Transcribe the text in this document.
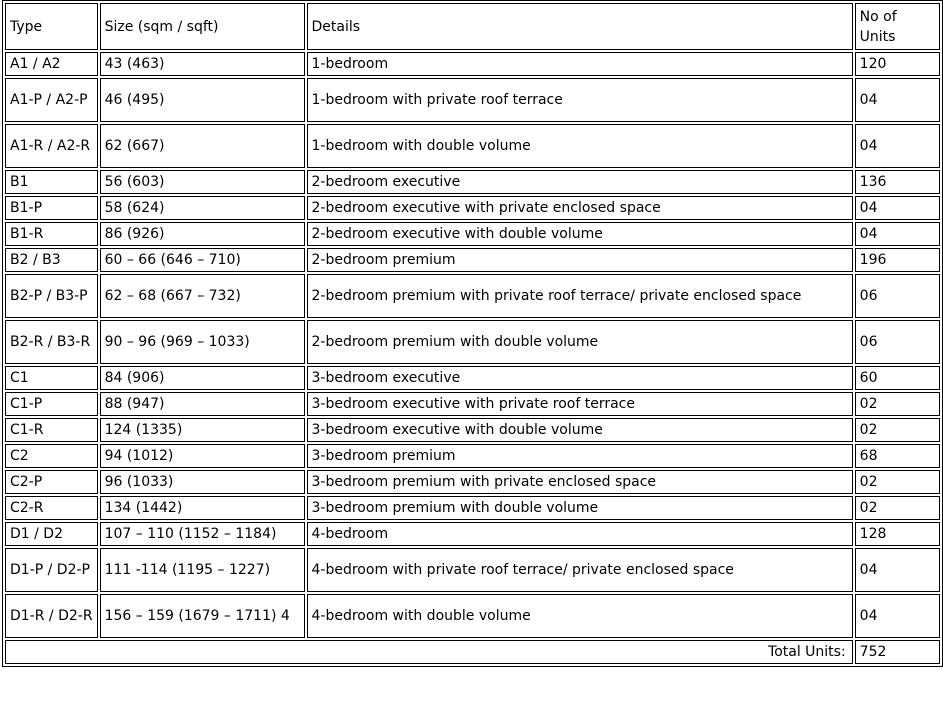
Type	Size (sqm / sqft)	Details	No of Units
A1 / A2	43 (463)	1-bedroom	120
A1-P / A2-P	46 (495)	1-bedroom with private roof terrace	04
A1-R / A2-R	62 (667)	1-bedroom with double volume	04
B1	56 (603)	2-bedroom executive	136
B1-P	58 (624)	2-bedroom executive with private enclosed space	04
B1-R	86 (926)	2-bedroom executive with double volume	04
B2 / B3	60 – 66 (646 – 710)	2-bedroom premium	196
B2-P / B3-P	62 – 68 (667 – 732)	2-bedroom premium with private roof terrace/ private enclosed space	06
B2-R / B3-R	90 – 96 (969 – 1033)	2-bedroom premium with double volume	06
C1	84 (906)	3-bedroom executive	60
C1-P	88 (947)	3-bedroom executive with private roof terrace	02
C1-R	124 (1335)	3-bedroom executive with double volume	02
C2	94 (1012)	3-bedroom premium	68
C2-P	96 (1033)	3-bedroom premium with private enclosed space	02
C2-R	134 (1442)	3-bedroom premium with double volume	02
D1 / D2	107 – 110 (1152 – 1184)	4-bedroom	128
D1-P / D2-P	111 -114 (1195 – 1227)	4-bedroom with private roof terrace/ private enclosed space	04
D1-R / D2-R	156 – 159 (1679 – 1711) 4	4-bedroom with double volume	04
Total Units:			752
